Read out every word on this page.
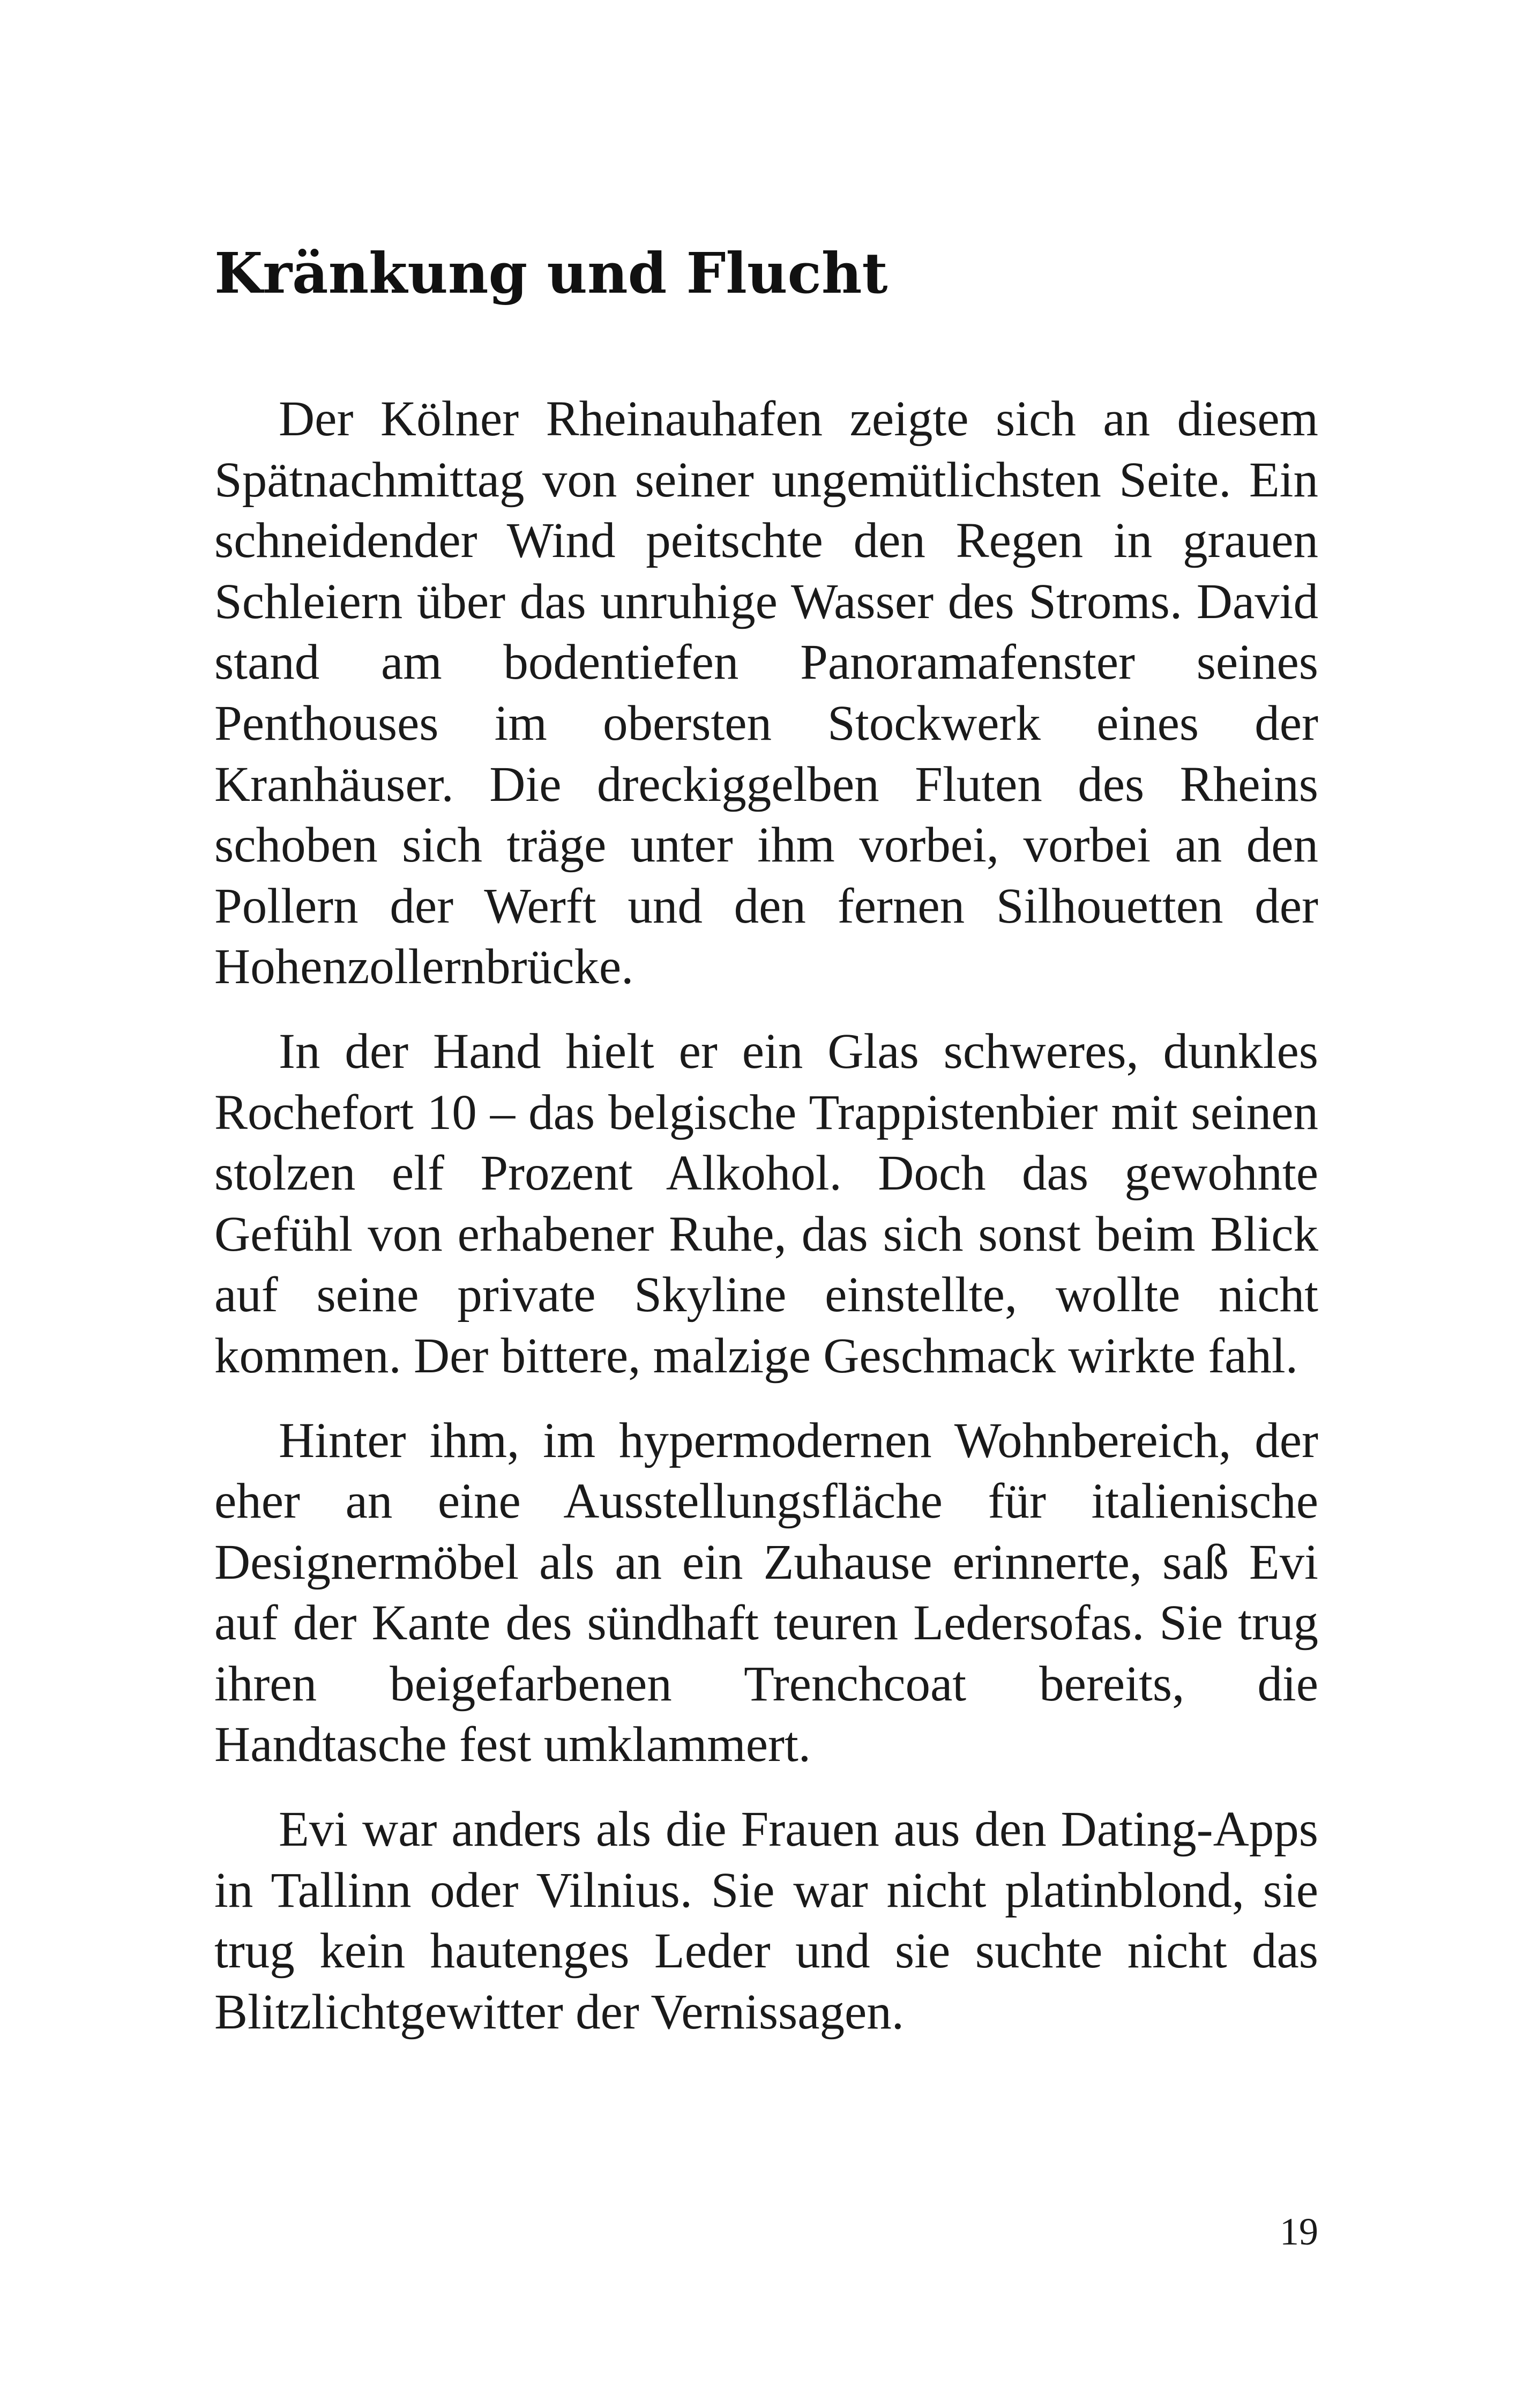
Kränkung und Flucht

Der Kölner Rheinauhafen zeigte sich an diesem Spätnachmittag von seiner ungemütlichsten Seite. Ein schneidender Wind peitschte den Regen in grauen Schleiern über das unruhige Wasser des Stroms. David stand am bodentiefen Panoramafenster seines Penthouses im obersten Stockwerk eines der Kranhäuser. Die dreckiggelben Fluten des Rheins schoben sich träge unter ihm vorbei, vorbei an den Pollern der Werft und den fernen Silhouetten der Hohenzollernbrücke.

In der Hand hielt er ein Glas schweres, dunkles Rochefort 10 – das belgische Trappistenbier mit seinen stolzen elf Prozent Alkohol. Doch das gewohnte Gefühl von erhabener Ruhe, das sich sonst beim Blick auf seine private Skyline einstellte, wollte nicht kommen. Der bittere, malzige Geschmack wirkte fahl.

Hinter ihm, im hypermodernen Wohnbereich, der eher an eine Ausstellungsfläche für italienische Designermöbel als an ein Zuhause erinnerte, saß Evi auf der Kante des sündhaft teuren Ledersofas. Sie trug ihren beigefarbenen Trenchcoat bereits, die Handtasche fest umklammert.

Evi war anders als die Frauen aus den Dating-Apps in Tallinn oder Vilnius. Sie war nicht platinblond, sie trug kein hautenges Leder und sie suchte nicht das Blitzlichtgewitter der Vernissagen.

19
